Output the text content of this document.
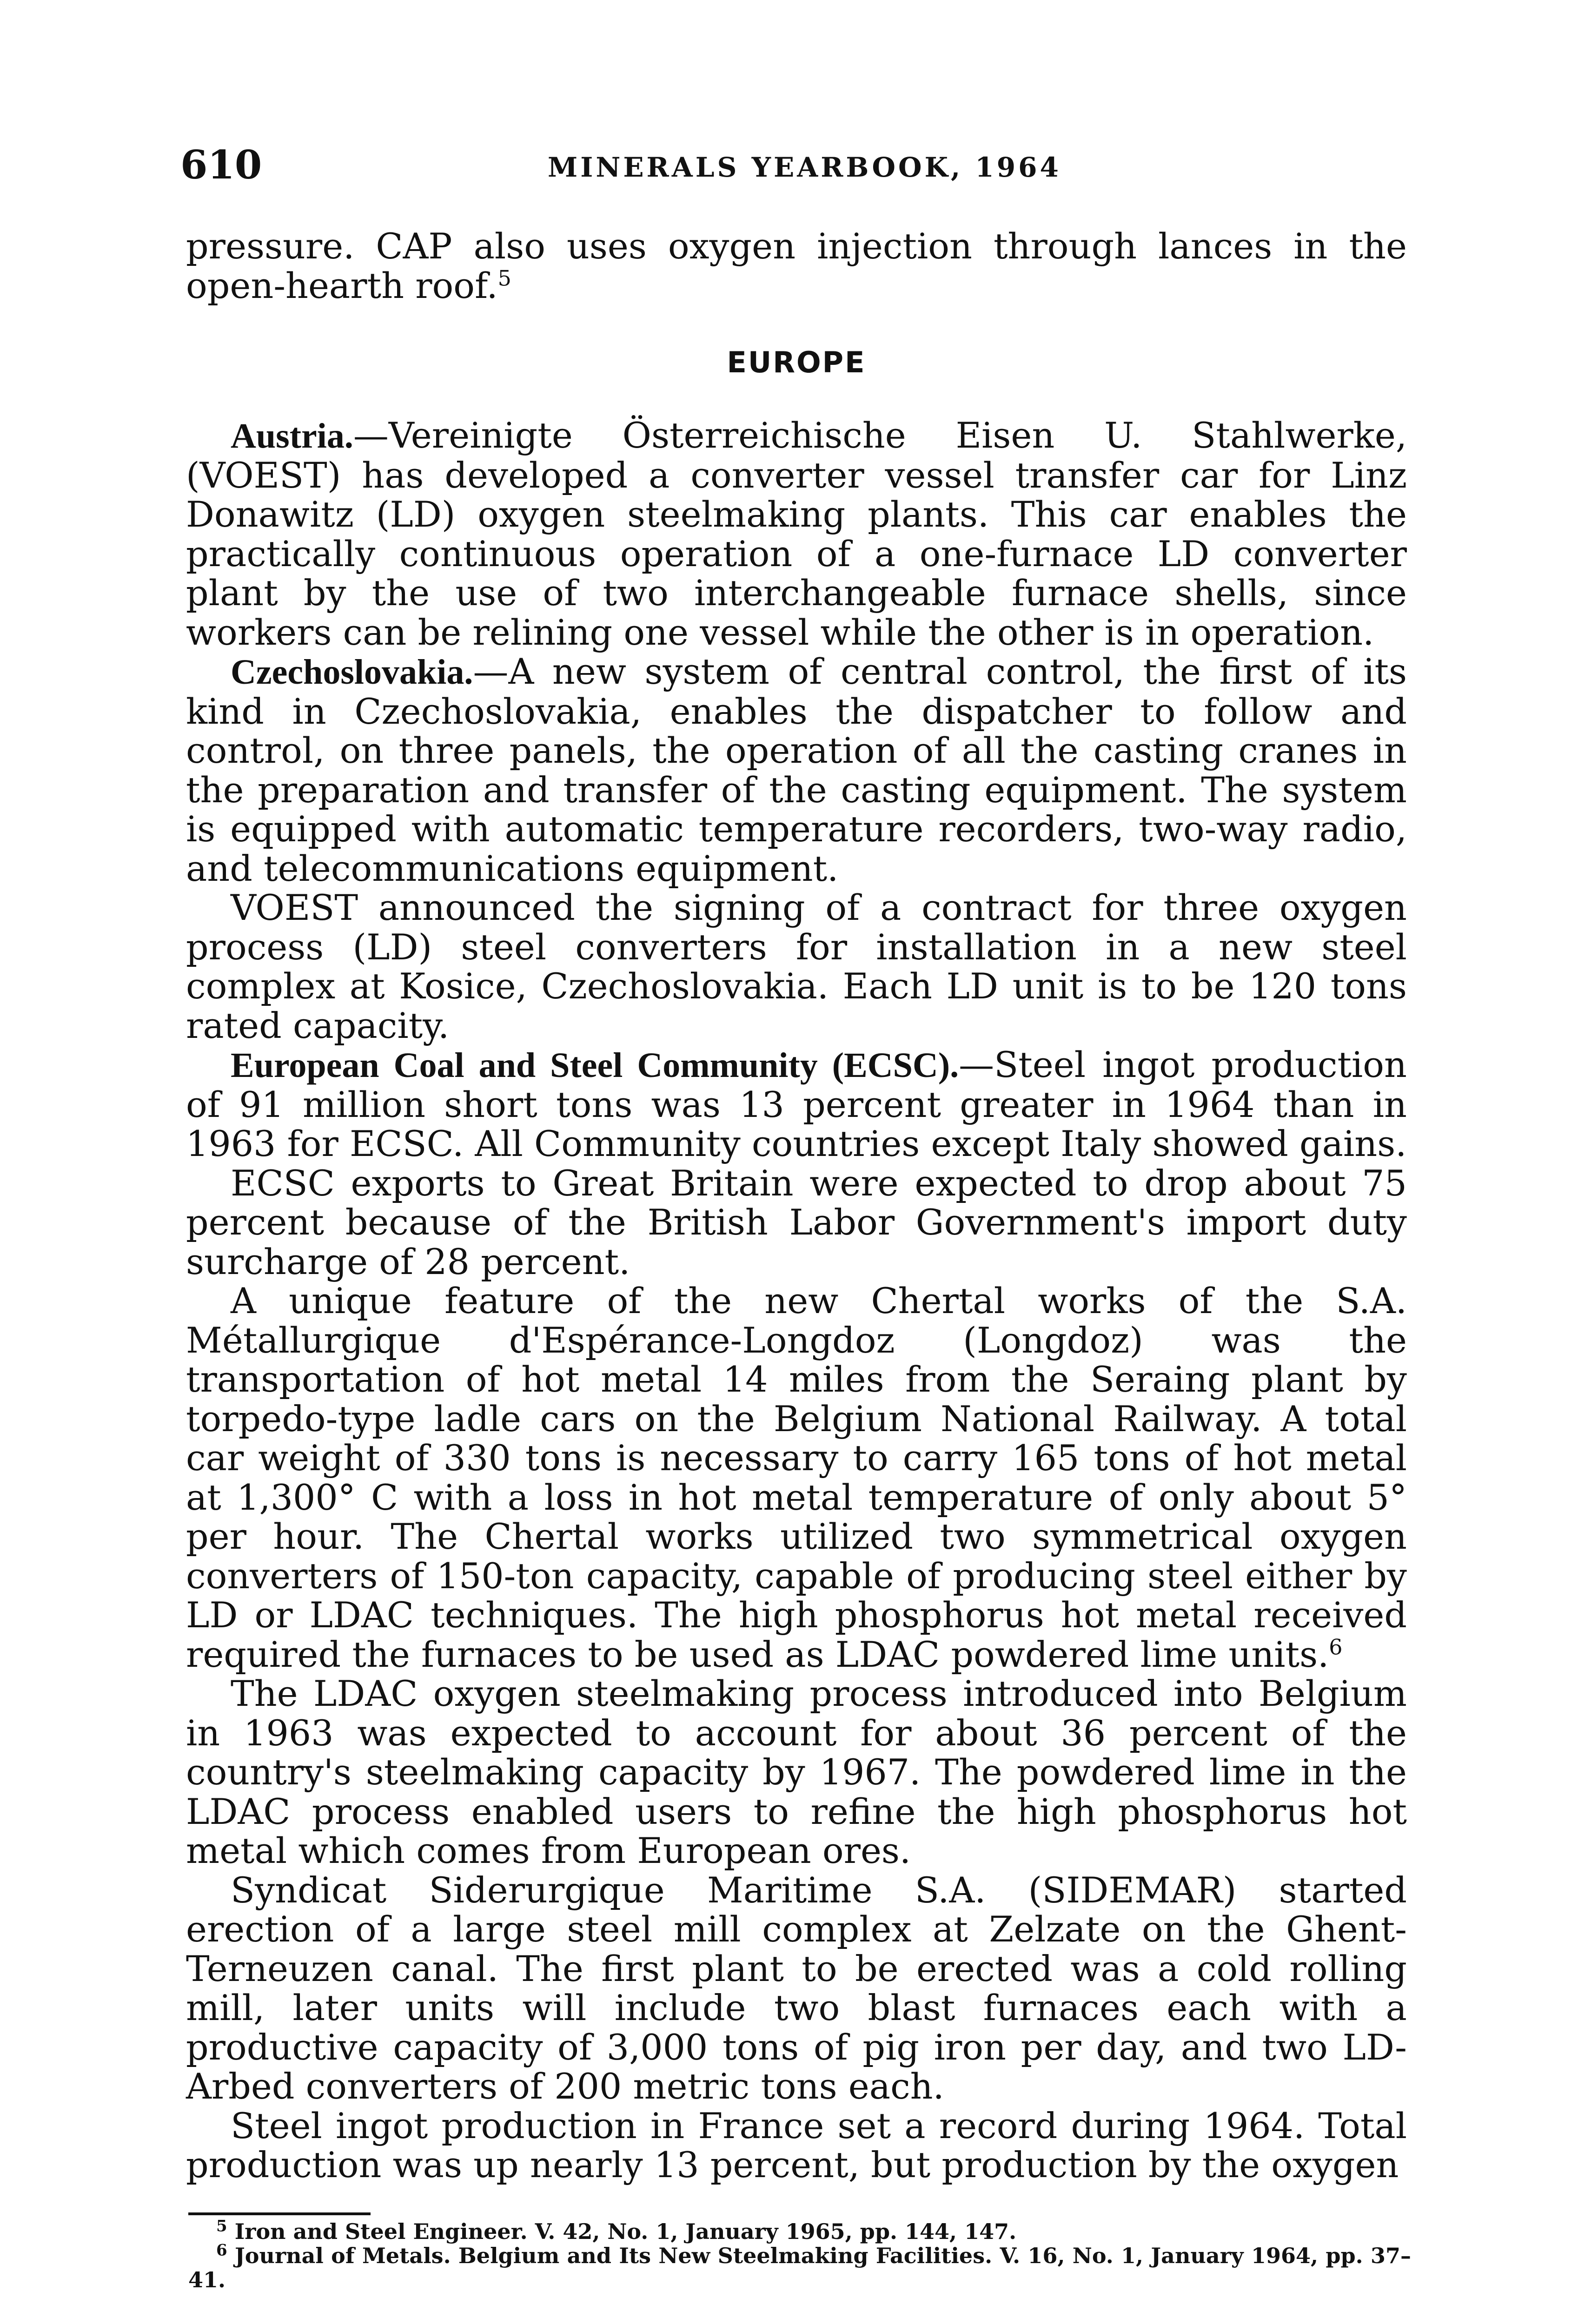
610	MINERALS YEARBOOK, 1964

pressure. CAP also uses oxygen injection through lances in the open-hearth roof.$^5$

EUROPE

Austria.—Vereinigte Österreichische Eisen U. Stahlwerke, (VOEST) has developed a converter vessel transfer car for Linz Donawitz (LD) oxygen steelmaking plants. This car enables the practically continuous operation of a one-furnace LD converter plant by the use of two interchangeable furnace shells, since workers can be relining one vessel while the other is in operation.

Czechoslovakia.—A new system of central control, the first of its kind in Czechoslovakia, enables the dispatcher to follow and control, on three panels, the operation of all the casting cranes in the preparation and transfer of the casting equipment. The system is equipped with automatic temperature recorders, two-way radio, and telecommunications equipment.

VOEST announced the signing of a contract for three oxygen process (LD) steel converters for installation in a new steel complex at Kosice, Czechoslovakia. Each LD unit is to be 120 tons rated capacity.

European Coal and Steel Community (ECSC).—Steel ingot production of 91 million short tons was 13 percent greater in 1964 than in 1963 for ECSC. All Community countries except Italy showed gains.

ECSC exports to Great Britain were expected to drop about 75 percent because of the British Labor Government's import duty surcharge of 28 percent.

A unique feature of the new Chertal works of the S.A. Métallurgique d'Espérance-Longdoz (Longdoz) was the transportation of hot metal 14 miles from the Seraing plant by torpedo-type ladle cars on the Belgium National Railway. A total car weight of 330 tons is necessary to carry 165 tons of hot metal at 1,300° C with a loss in hot metal temperature of only about 5° per hour. The Chertal works utilized two symmetrical oxygen converters of 150-ton capacity, capable of producing steel either by LD or LDAC techniques. The high phosphorus hot metal received required the furnaces to be used as LDAC powdered lime units.$^6$

The LDAC oxygen steelmaking process introduced into Belgium in 1963 was expected to account for about 36 percent of the country's steelmaking capacity by 1967. The powdered lime in the LDAC process enabled users to refine the high phosphorus hot metal which comes from European ores.

Syndicat Siderurgique Maritime S.A. (SIDEMAR) started erection of a large steel mill complex at Zelzate on the Ghent-Terneuzen canal. The first plant to be erected was a cold rolling mill, later units will include two blast furnaces each with a productive capacity of 3,000 tons of pig iron per day, and two LD-Arbed converters of 200 metric tons each.

Steel ingot production in France set a record during 1964. Total production was up nearly 13 percent, but production by the oxygen

$^5$ Iron and Steel Engineer. V. 42, No. 1, January 1965, pp. 144, 147.

$^6$ Journal of Metals. Belgium and Its New Steelmaking Facilities. V. 16, No. 1, January 1964, pp. 37–41.
